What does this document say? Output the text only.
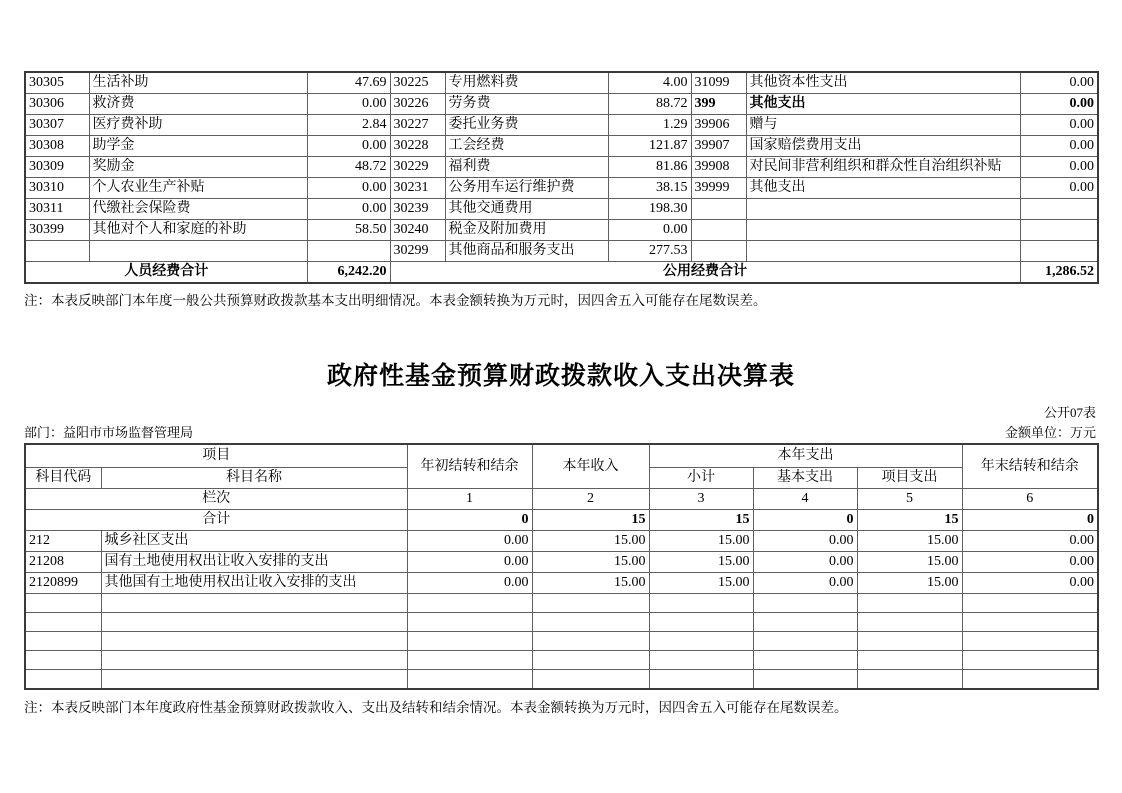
30305	生活补助	47.69	30225	专用燃料费	4.00	31099	其他资本性支出	0.00
30306	救济费	0.00	30226	劳务费	88.72	399	其他支出	0.00
30307	医疗费补助	2.84	30227	委托业务费	1.29	39906	赠与	0.00
30308	助学金	0.00	30228	工会经费	121.87	39907	国家赔偿费用支出	0.00
30309	奖励金	48.72	30229	福利费	81.86	39908	对民间非营利组织和群众性自治组织补贴	0.00
30310	个人农业生产补贴	0.00	30231	公务用车运行维护费	38.15	39999	其他支出	0.00
30311	代缴社会保险费	0.00	30239	其他交通费用	198.30			
30399	其他对个人和家庭的补助	58.50	30240	税金及附加费用	0.00			
			30299	其他商品和服务支出	277.53			
人员经费合计		6,242.20	公用经费合计					1,286.52
注：本表反映部门本年度一般公共预算财政拨款基本支出明细情况。本表金额转换为万元时，因四舍五入可能存在尾数误差。
政府性基金预算财政拨款收入支出决算表
公开07表
部门：益阳市市场监督管理局	金额单位：万元
项目		年初结转和结余	本年收入	本年支出			年末结转和结余
科目代码	科目名称			小计	基本支出	项目支出	
栏次		1	2	3	4	5	6
合计		0	15	15	0	15	0
212	城乡社区支出	0.00	15.00	15.00	0.00	15.00	0.00
21208	国有土地使用权出让收入安排的支出	0.00	15.00	15.00	0.00	15.00	0.00
2120899	其他国有土地使用权出让收入安排的支出	0.00	15.00	15.00	0.00	15.00	0.00

注：本表反映部门本年度政府性基金预算财政拨款收入、支出及结转和结余情况。本表金额转换为万元时，因四舍五入可能存在尾数误差。
